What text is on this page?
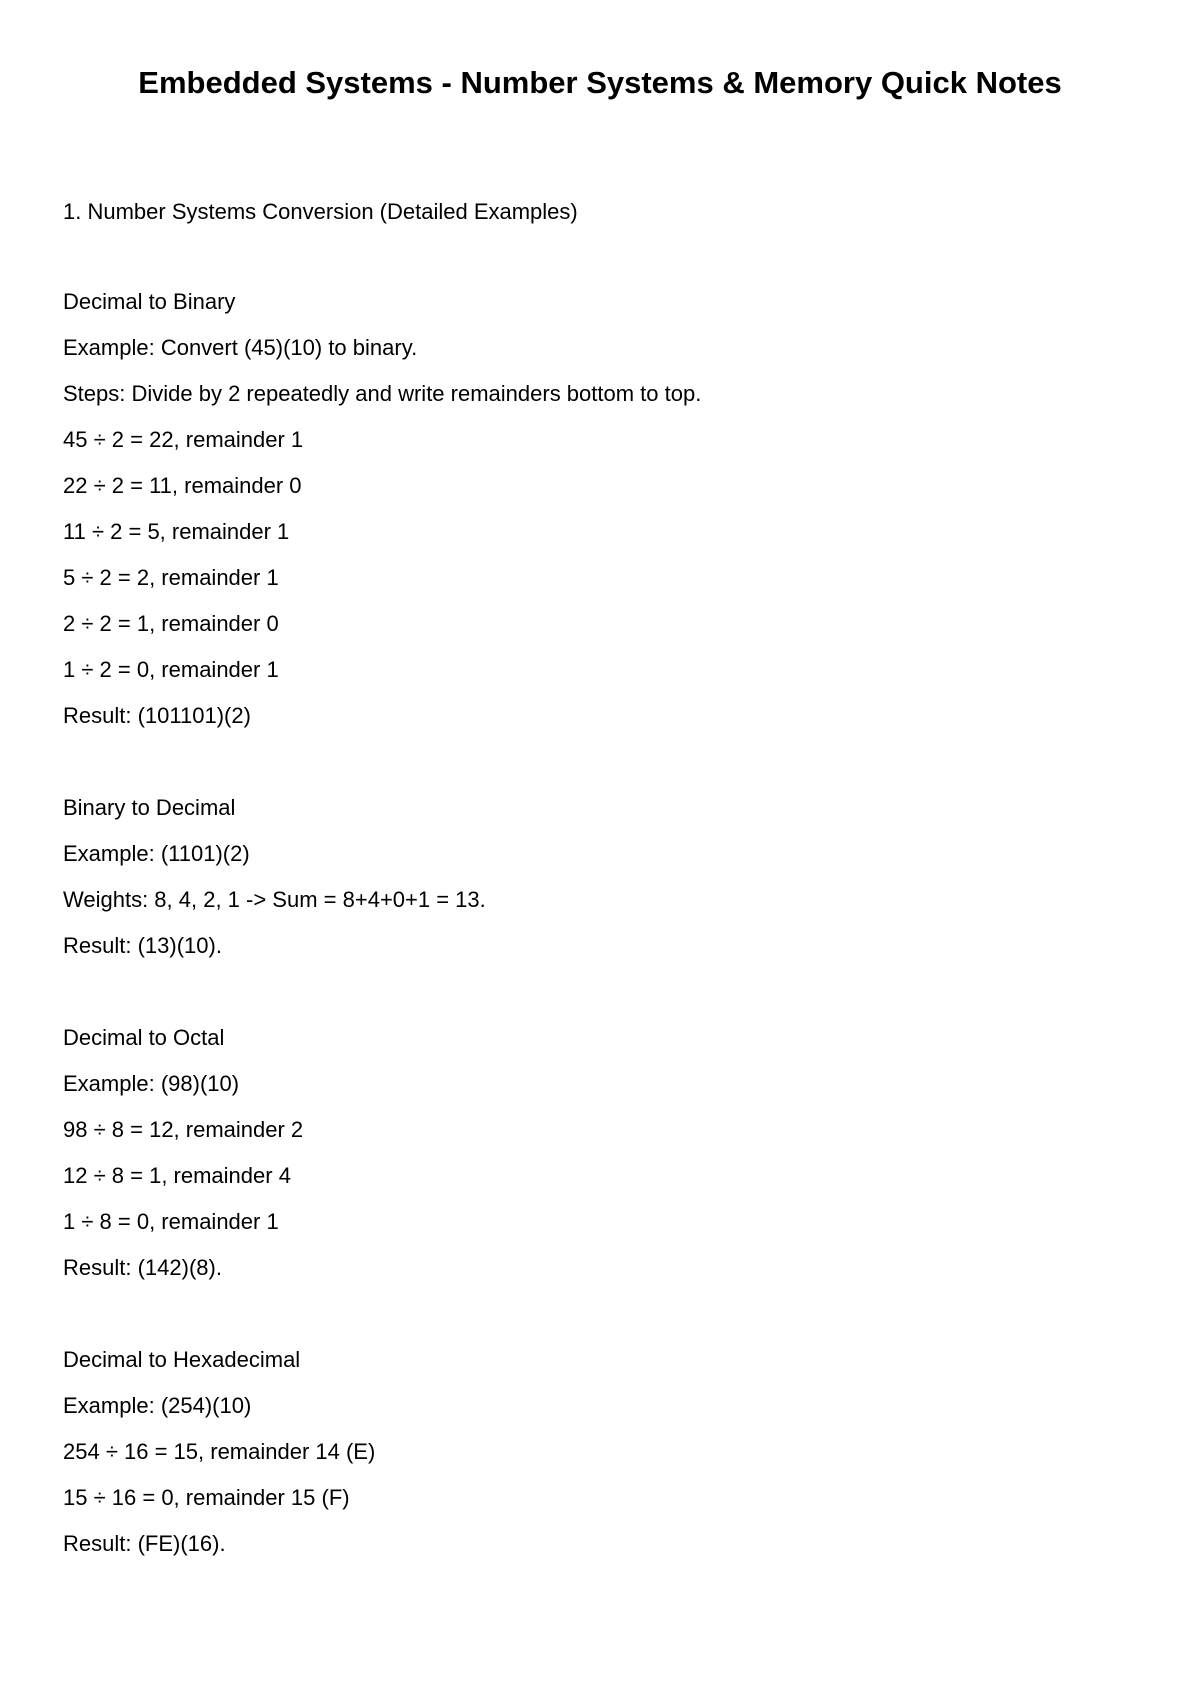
Embedded Systems - Number Systems & Memory Quick Notes

1. Number Systems Conversion (Detailed Examples)

Decimal to Binary

Example: Convert (45)(10) to binary.

Steps: Divide by 2 repeatedly and write remainders bottom to top.

45 ÷ 2 = 22, remainder 1

22 ÷ 2 = 11, remainder 0

11 ÷ 2 = 5, remainder 1

5 ÷ 2 = 2, remainder 1

2 ÷ 2 = 1, remainder 0

1 ÷ 2 = 0, remainder 1

Result: (101101)(2)

Binary to Decimal

Example: (1101)(2)

Weights: 8, 4, 2, 1 -> Sum = 8+4+0+1 = 13.

Result: (13)(10).

Decimal to Octal

Example: (98)(10)

98 ÷ 8 = 12, remainder 2

12 ÷ 8 = 1, remainder 4

1 ÷ 8 = 0, remainder 1

Result: (142)(8).

Decimal to Hexadecimal

Example: (254)(10)

254 ÷ 16 = 15, remainder 14 (E)

15 ÷ 16 = 0, remainder 15 (F)

Result: (FE)(16).
